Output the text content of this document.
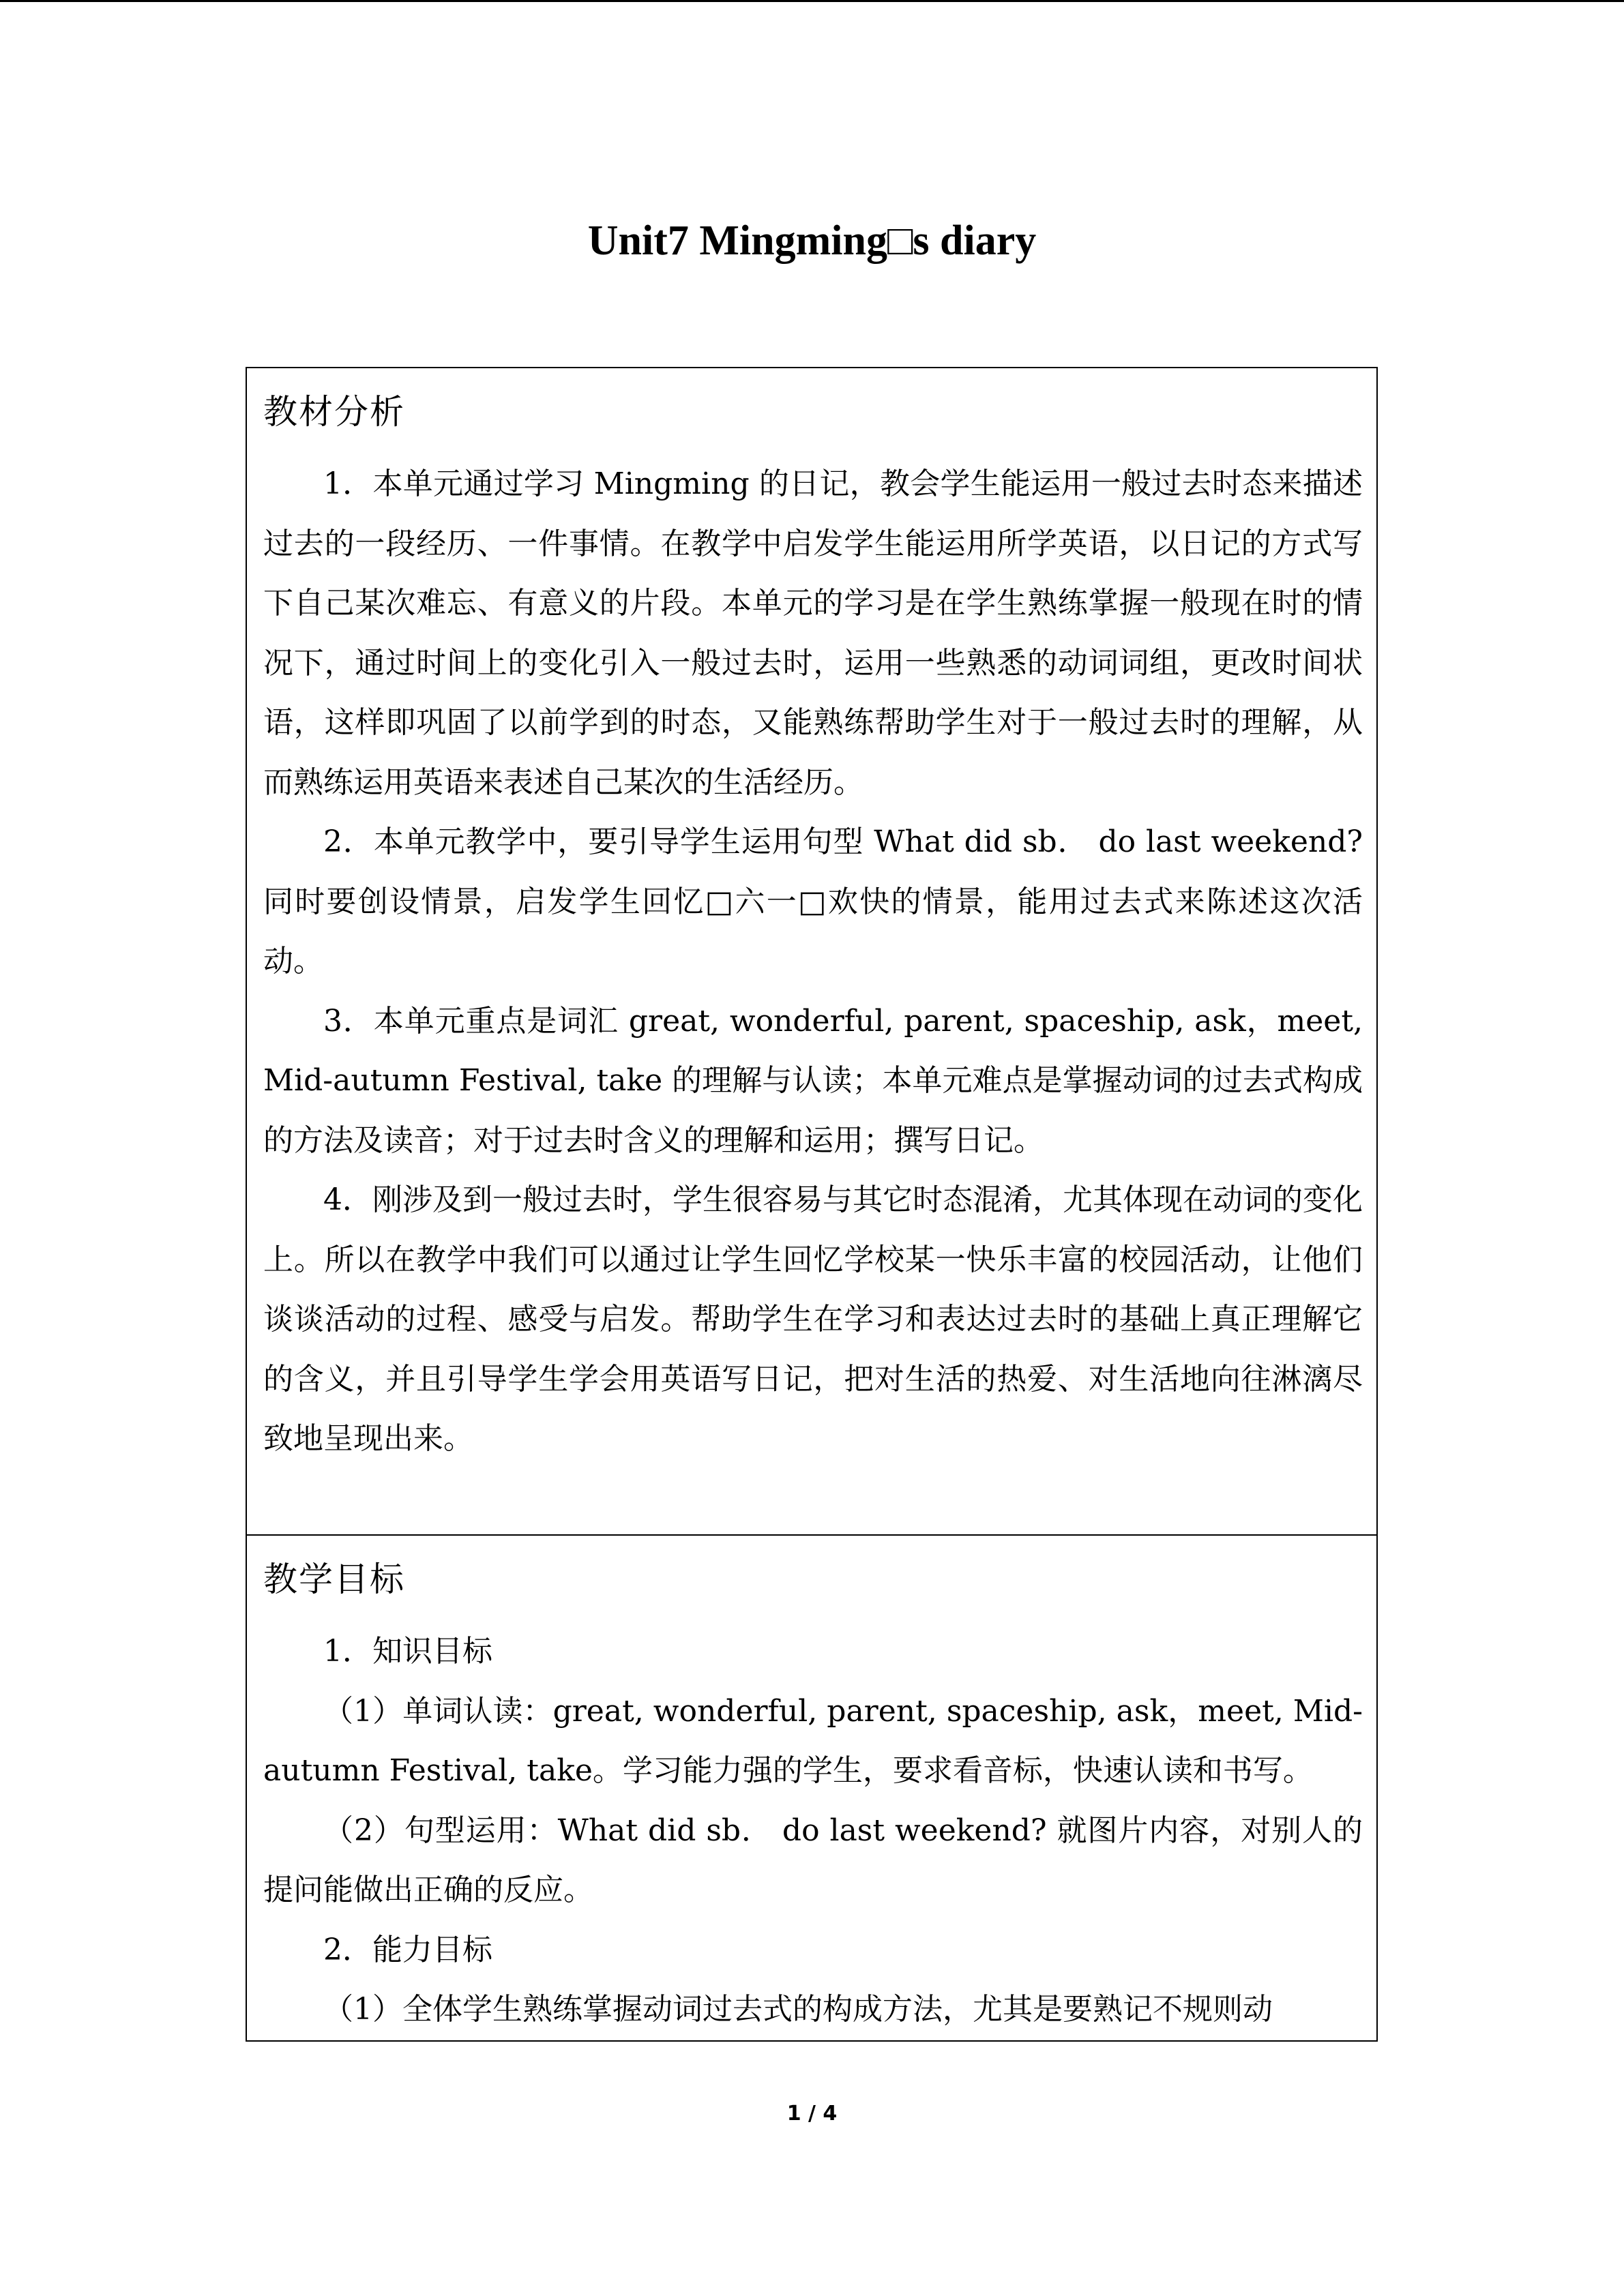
Unit7 Mingming□s diary
教材分析

1．本单元通过学习 Mingming 的日记，教会学生能运用一般过去时态来描述过去的一段经历、一件事情。在教学中启发学生能运用所学英语，以日记的方式写下自己某次难忘、有意义的片段。本单元的学习是在学生熟练掌握一般现在时的情况下，通过时间上的变化引入一般过去时，运用一些熟悉的动词词组，更改时间状语，这样即巩固了以前学到的时态，又能熟练帮助学生对于一般过去时的理解，从而熟练运用英语来表述自己某次的生活经历。

2．本单元教学中，要引导学生运用句型 What did sb． do last weekend? 同时要创设情景，启发学生回忆□六一□欢快的情景，能用过去式来陈述这次活动。

3．本单元重点是词汇 great, wonderful, parent, spaceship, ask，meet, Mid-autumn Festival, take 的理解与认读；本单元难点是掌握动词的过去式构成的方法及读音；对于过去时含义的理解和运用；撰写日记。

4．刚涉及到一般过去时，学生很容易与其它时态混淆，尤其体现在动词的变化上。所以在教学中我们可以通过让学生回忆学校某一快乐丰富的校园活动，让他们谈谈活动的过程、感受与启发。帮助学生在学习和表达过去时的基础上真正理解它的含义，并且引导学生学会用英语写日记，把对生活的热爱、对生活地向往淋漓尽致地呈现出来。

教学目标

1．知识目标

（1）单词认读：great, wonderful, parent, spaceship, ask，meet, Mid-autumn Festival, take。学习能力强的学生，要求看音标，快速认读和书写。

（2）句型运用：What did sb． do last weekend? 就图片内容，对别人的提问能做出正确的反应。

2．能力目标

（1）全体学生熟练掌握动词过去式的构成方法，尤其是要熟记不规则动

1 / 4
